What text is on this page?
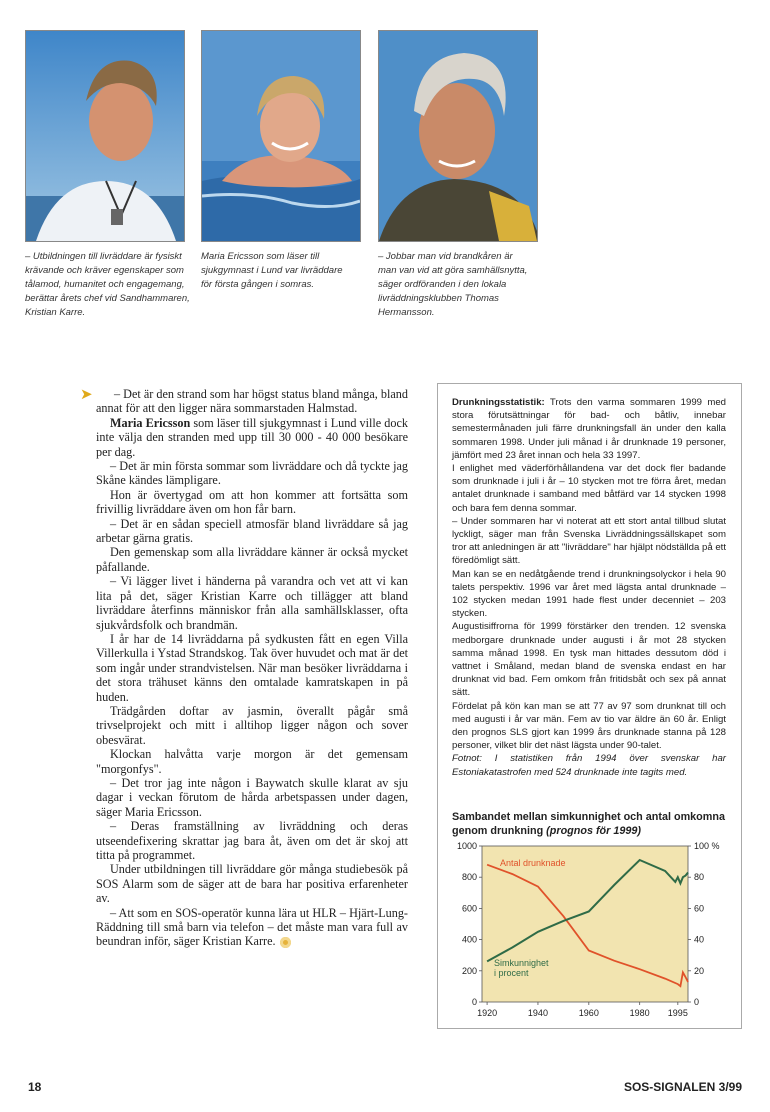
– Utbildningen till livräddare är fysiskt krävande och kräver egenskaper som tålamod, humanitet och engagemang, berättar årets chef vid Sandhammaren, Kristian Karre.
Maria Ericsson som läser till sjukgymnast i Lund var livräddare för första gången i somras.
– Jobbar man vid brandkåren är man van vid att göra samhällsnytta, säger ordföranden i den lokala livräddningsklubben Thomas Hermansson.
➤	– Det är den strand som har högst status bland många, bland annat för att den ligger nära sommarstaden Halmstad.

Maria Ericsson som läser till sjukgymnast i Lund ville dock inte välja den stranden med upp till 30 000 - 40 000 besökare per dag.

– Det är min första sommar som livräddare och då tyckte jag Skåne kändes lämpligare.

Hon är övertygad om att hon kommer att fortsätta som frivillig livräddare även om hon får barn.

– Det är en sådan speciell atmosfär bland livräddare så jag arbetar gärna gratis.

Den gemenskap som alla livräddare känner är också mycket påfallande.

– Vi lägger livet i händerna på varandra och vet att vi kan lita på det, säger Kristian Karre och tillägger att bland livräddare återfinns människor från alla samhällsklasser, ofta sjukvårdsfolk och brandmän.

I år har de 14 livräddarna på sydkusten fått en egen Villa Villerkulla i Ystad Strandskog. Tak över huvudet och mat är det som ingår under strandvistelsen. När man besöker livräddarna i det stora trähuset känns den omtalade kamratskapen in på huden.

Trädgården doftar av jasmin, överallt pågår små trivselprojekt och mitt i alltihop ligger någon och sover obesvärat.

Klockan halvåtta varje morgon är det gemensam "morgonfys".

– Det tror jag inte någon i Baywatch skulle klarat av sju dagar i veckan förutom de hårda arbetspassen under dagen, säger Maria Ericsson.

– Deras framställning av livräddning och deras utseendefixering skrattar jag bara åt, även om det är skoj att titta på programmet.

Under utbildningen till livräddare gör många studiebesök på SOS Alarm som de säger att de bara har positiva erfarenheter av.

– Att som en SOS-operatör kunna lära ut HLR – Hjärt-Lung-Räddning till små barn via telefon – det måste man vara full av beundran inför, säger Kristian Karre.

Drunkningsstatistik: Trots den varma sommaren 1999 med stora förutsättningar för bad- och båtliv, innebar semestermånaden juli färre drunkningsfall än under den kalla sommaren 1998. Under juli månad i år drunknade 19 personer, jämfört med 23 året innan och hela 33 1997.

I enlighet med väderförhållandena var det dock fler badande som drunknade i juli i år – 10 stycken mot tre förra året, medan antalet drunknade i samband med båtfärd var 14 stycken 1998 och bara fem denna sommar.

– Under sommaren har vi noterat att ett stort antal tillbud slutat lyckligt, säger man från Svenska Livräddningssällskapet som tror att anledningen är att "livräddare" har hjälpt nödställda på ett föredömligt sätt.

Man kan se en nedåtgående trend i drunkningsolyckor i hela 90 talets perspektiv. 1996 var året med lägsta antal drunknade – 102 stycken medan 1991 hade flest under decenniet – 203 stycken.

Augustisiffrorna för 1999 förstärker den trenden. 12 svenska medborgare drunknade under augusti i år mot 28 stycken samma månad 1998. En tysk man hittades dessutom död i vattnet i Småland, medan bland de svenska endast en har drunknat vid bad. Fem omkom från fritidsbåt och sex på annat sätt.

Fördelat på kön kan man se att 77 av 97 som drunknat till och med augusti i år var män. Fem av tio var äldre än 60 år. Enligt den prognos SLS gjort kan 1999 års drunknade stanna på 128 personer, vilket blir det näst lägsta under 90-talet.

Fotnot: I statistiken från 1994 över svenskar har Estoniakatastrofen med 524 drunknade inte tagits med.

Sambandet mellan simkunnighet och antal omkomna genom drunkning (prognos för 1999)
1000
800
600
400
200
0
100 %
80
60
40
20
0
1920	1940	1960	1980 1995
Antal drunknade
Simkunnighet
i procent
18	SOS-SIGNALEN 3/99
